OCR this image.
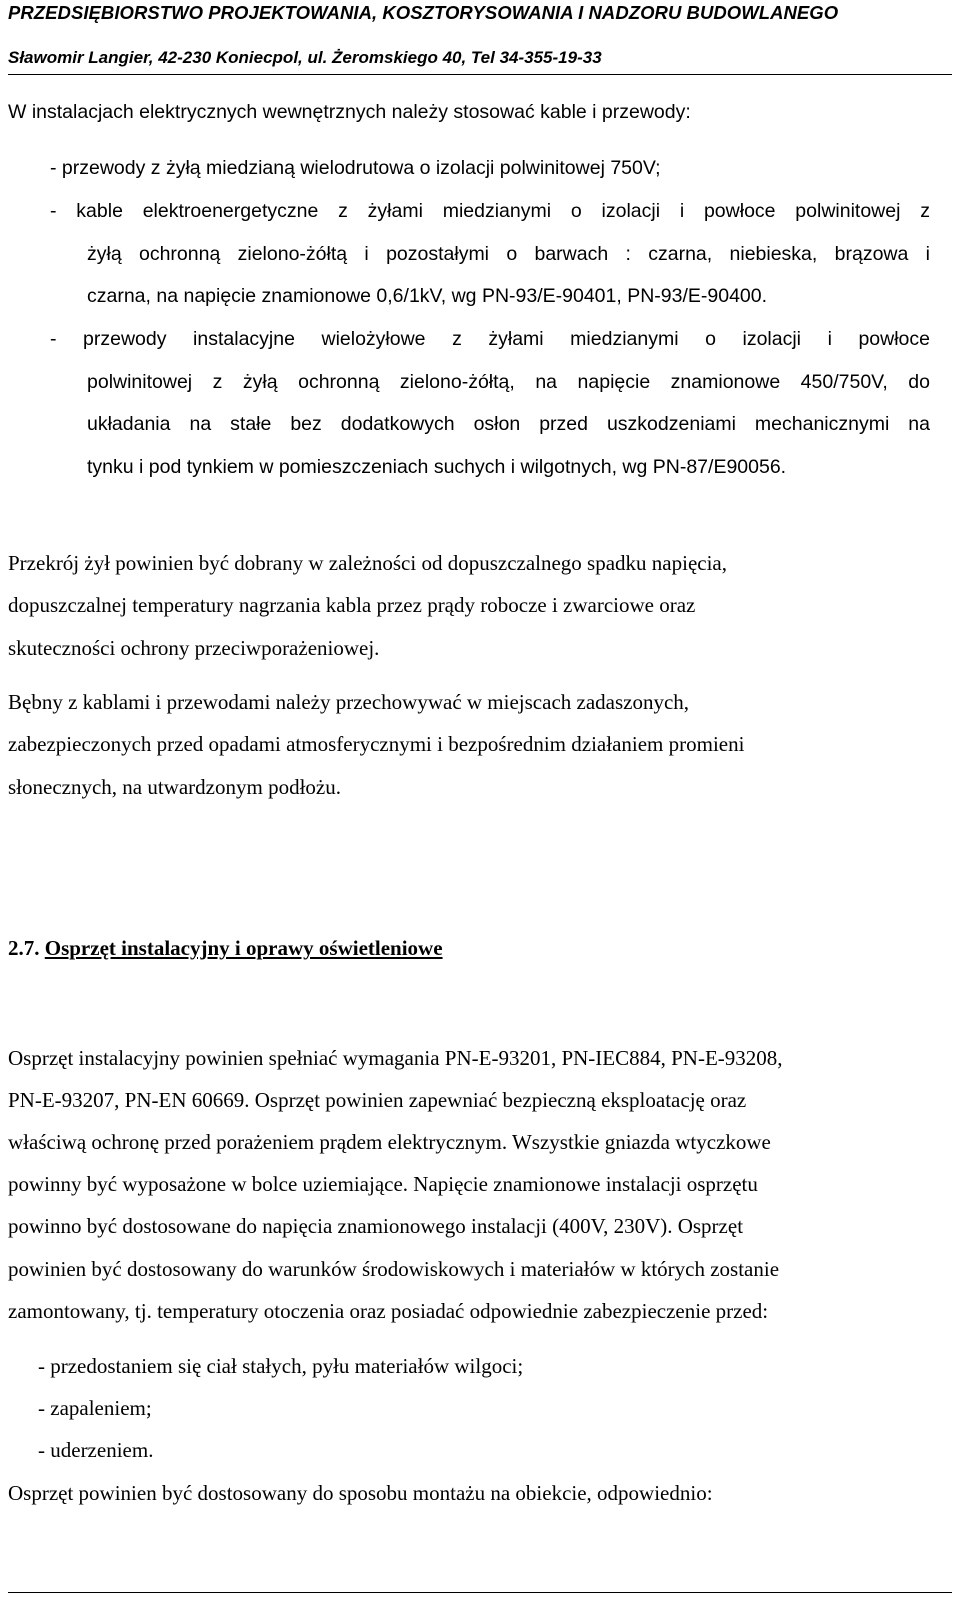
PRZEDSIĘBIORSTWO PROJEKTOWANIA, KOSZTORYSOWANIA I NADZORU BUDOWLANEGO
Sławomir Langier, 42-230 Koniecpol, ul. Żeromskiego 40, Tel 34-355-19-33
W instalacjach elektrycznych wewnętrznych należy stosować kable i przewody:
- przewody z żyłą miedzianą wielodrutowa o izolacji polwinitowej 750V;
- kable elektroenergetyczne z żyłami miedzianymi o izolacji i powłoce polwinitowej z
żyłą ochronną zielono-żółtą i pozostałymi o barwach : czarna, niebieska, brązowa i
czarna, na napięcie znamionowe 0,6/1kV, wg PN-93/E-90401, PN-93/E-90400.
- przewody instalacyjne wielożyłowe z żyłami miedzianymi o izolacji i powłoce
polwinitowej z żyłą ochronną zielono-żółtą, na napięcie znamionowe 450/750V, do
układania na stałe bez dodatkowych osłon przed uszkodzeniami mechanicznymi na
tynku i pod tynkiem w pomieszczeniach suchych i wilgotnych, wg PN-87/E90056.
Przekrój żył powinien być dobrany w zależności od dopuszczalnego spadku napięcia,
dopuszczalnej temperatury nagrzania kabla przez prądy robocze i zwarciowe oraz
skuteczności ochrony przeciwporażeniowej.
Bębny z kablami i przewodami należy przechowywać w miejscach zadaszonych,
zabezpieczonych przed opadami atmosferycznymi i bezpośrednim działaniem promieni
słonecznych, na utwardzonym podłożu.
2.7. Osprzęt instalacyjny i oprawy oświetleniowe
Osprzęt instalacyjny powinien spełniać wymagania PN-E-93201, PN-IEC884, PN-E-93208,
PN-E-93207, PN-EN 60669. Osprzęt powinien zapewniać bezpieczną eksploatację oraz
właściwą ochronę przed porażeniem prądem elektrycznym. Wszystkie gniazda wtyczkowe
powinny być wyposażone w bolce uziemiające. Napięcie znamionowe instalacji osprzętu
powinno być dostosowane do napięcia znamionowego instalacji (400V, 230V). Osprzęt
powinien być dostosowany do warunków środowiskowych i materiałów w których zostanie
zamontowany, tj. temperatury otoczenia oraz posiadać odpowiednie zabezpieczenie przed:
- przedostaniem się ciał stałych, pyłu materiałów wilgoci;
- zapaleniem;
- uderzeniem.
Osprzęt powinien być dostosowany do sposobu montażu na obiekcie, odpowiednio:
